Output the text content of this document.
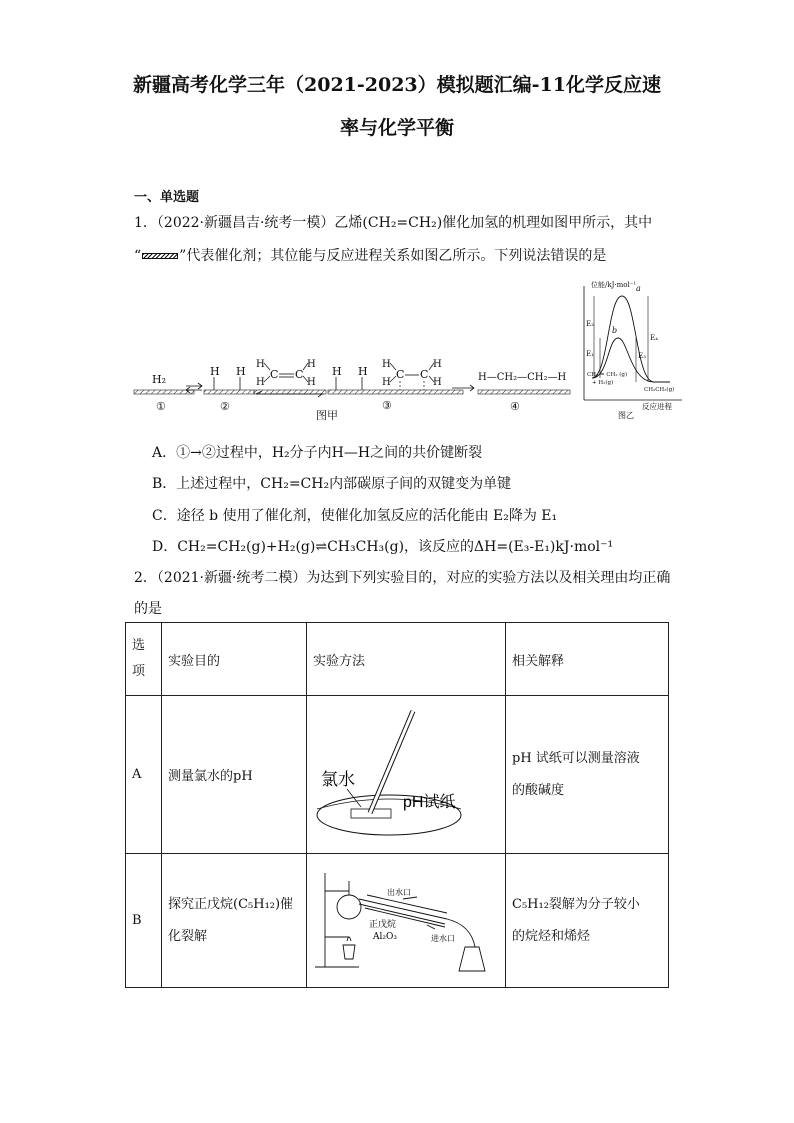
新疆高考化学三年（2021-2023）模拟题汇编-11化学反应速
率与化学平衡
一、单选题
1．（2022·新疆昌吉·统考一模）乙烯(CH₂=CH₂)催化加氢的机理如图甲所示，其中
“	”代表催化剂；其位能与反应进程关系如图乙所示。下列说法错误的是
H₂
H H
H
H
C C
H
H
H H
H
H
C C
H
H	H—CH₂—CH₂—H
①	②	③	④
图甲
位能/kJ·mol⁻¹
反应进程
a
b
E₂
E₁
E₄
E₃
CH₂ = CH₂ (g)
+ H₂(g)
CH₃CH₃(g)
图乙
A．①→②过程中，H₂分子内H—H之间的共价键断裂
B．上述过程中，CH₂=CH₂内部碳原子间的双键变为单键
C．途径 b 使用了催化剂，使催化加氢反应的活化能由 E₂降为 E₁
D．CH₂=CH₂(g)+H₂(g)⇌CH₃CH₃(g)，该反应的ΔH=(E₃-E₁)kJ·mol⁻¹
2．（2021·新疆·统考二模）为达到下列实验目的，对应的实验方法以及相关理由均正确
的是
选
项	实验目的	实验方法	相关解释
A	测量氯水的pH	氯水
pH试纸	pH 试纸可以测量溶液
的酸碱度
B	探究正戊烷(C₅H₁₂)催
化裂解	出水口
进水口
正戊烷
Al₂O₃	C₅H₁₂裂解为分子较小
的烷烃和烯烃
